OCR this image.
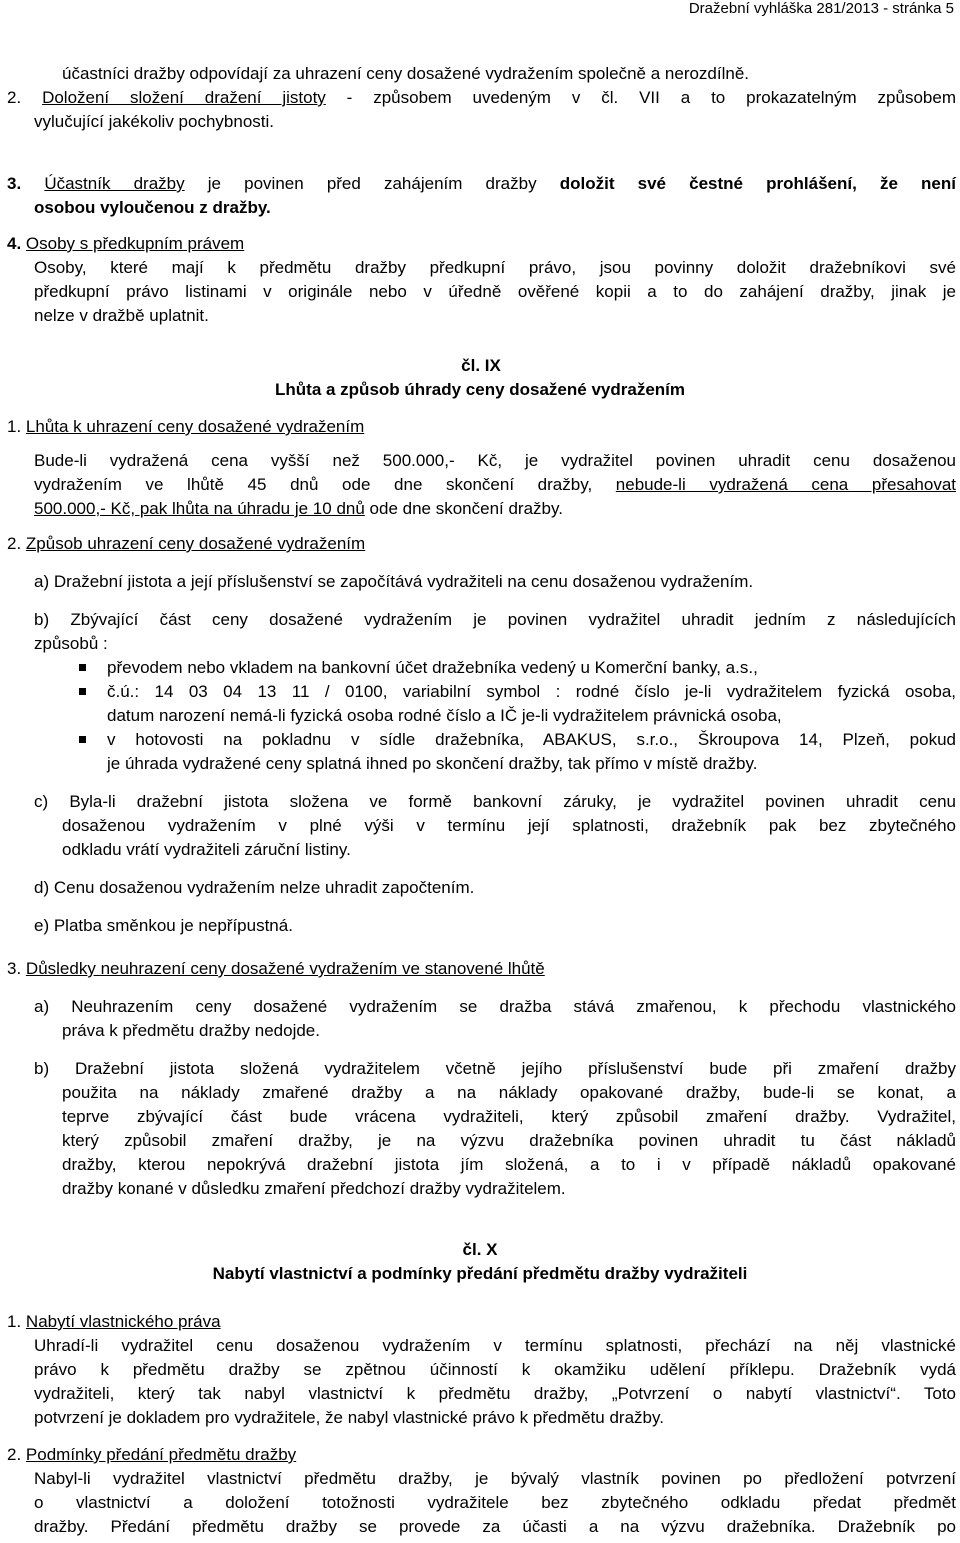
Dražební vyhláška 281/2013 - stránka 5
účastníci dražby odpovídají za uhrazení ceny dosažené vydražením společně a nerozdílně.
2. Doložení složení dražení jistoty - způsobem uvedeným v čl. VII a to prokazatelným způsobem
vylučující jakékoliv pochybnosti.
3. Účastník dražby je povinen před zahájením dražby doložit své čestné prohlášení, že není
osobou vyloučenou z dražby.
4. Osoby s předkupním právem
Osoby, které mají k předmětu dražby předkupní právo, jsou povinny doložit dražebníkovi své
předkupní právo listinami v originále nebo v úředně ověřené kopii a to do zahájení dražby, jinak je
nelze v dražbě uplatnit.
čl. IX
Lhůta a způsob úhrady ceny dosažené vydražením
1. Lhůta k uhrazení ceny dosažené vydražením
Bude-li vydražená cena vyšší než 500.000,- Kč, je vydražitel povinen uhradit cenu dosaženou
vydražením ve lhůtě 45 dnů ode dne skončení dražby, nebude-li vydražená cena přesahovat
500.000,- Kč, pak lhůta na úhradu je 10 dnů ode dne skončení dražby.
2. Způsob uhrazení ceny dosažené vydražením
a) Dražební jistota a její příslušenství se započítává vydražiteli na cenu dosaženou vydražením.
b) Zbývající část ceny dosažené vydražením je povinen vydražitel uhradit jedním z následujících
způsobů :
převodem nebo vkladem na bankovní účet dražebníka vedený u Komerční banky, a.s.,
č.ú.: 14 03 04 13 11 / 0100, variabilní symbol : rodné číslo je-li vydražitelem fyzická osoba,
datum narození nemá-li fyzická osoba rodné číslo a IČ je-li vydražitelem právnická osoba,
v hotovosti na pokladnu v sídle dražebníka, ABAKUS, s.r.o., Škroupova 14, Plzeň, pokud
je úhrada vydražené ceny splatná ihned po skončení dražby, tak přímo v místě dražby.
c) Byla-li dražební jistota složena ve formě bankovní záruky, je vydražitel povinen uhradit cenu
dosaženou vydražením v plné výši v termínu její splatnosti, dražebník pak bez zbytečného
odkladu vrátí vydražiteli záruční listiny.
d) Cenu dosaženou vydražením nelze uhradit započtením.
e) Platba směnkou je nepřípustná.
3. Důsledky neuhrazení ceny dosažené vydražením ve stanovené lhůtě
a) Neuhrazením ceny dosažené vydražením se dražba stává zmařenou, k přechodu vlastnického
práva k předmětu dražby nedojde.
b) Dražební jistota složená vydražitelem včetně jejího příslušenství bude při zmaření dražby
použita na náklady zmařené dražby a na náklady opakované dražby, bude-li se konat, a
teprve zbývající část bude vrácena vydražiteli, který způsobil zmaření dražby. Vydražitel,
který způsobil zmaření dražby, je na výzvu dražebníka povinen uhradit tu část nákladů
dražby, kterou nepokrývá dražební jistota jím složená, a to i v případě nákladů opakované
dražby konané v důsledku zmaření předchozí dražby vydražitelem.
čl. X
Nabytí vlastnictví a podmínky předání předmětu dražby vydražiteli
1. Nabytí vlastnického práva
Uhradí-li vydražitel cenu dosaženou vydražením v termínu splatnosti, přechází na něj vlastnické
právo k předmětu dražby se zpětnou účinností k okamžiku udělení příklepu. Dražebník vydá
vydražiteli, který tak nabyl vlastnictví k předmětu dražby, „Potvrzení o nabytí vlastnictví“. Toto
potvrzení je dokladem pro vydražitele, že nabyl vlastnické právo k předmětu dražby.
2. Podmínky předání předmětu dražby
Nabyl-li vydražitel vlastnictví předmětu dražby, je bývalý vlastník povinen po předložení potvrzení
o vlastnictví a doložení totožnosti vydražitele bez zbytečného odkladu předat předmět
dražby. Předání předmětu dražby se provede za účasti a na výzvu dražebníka. Dražebník po
